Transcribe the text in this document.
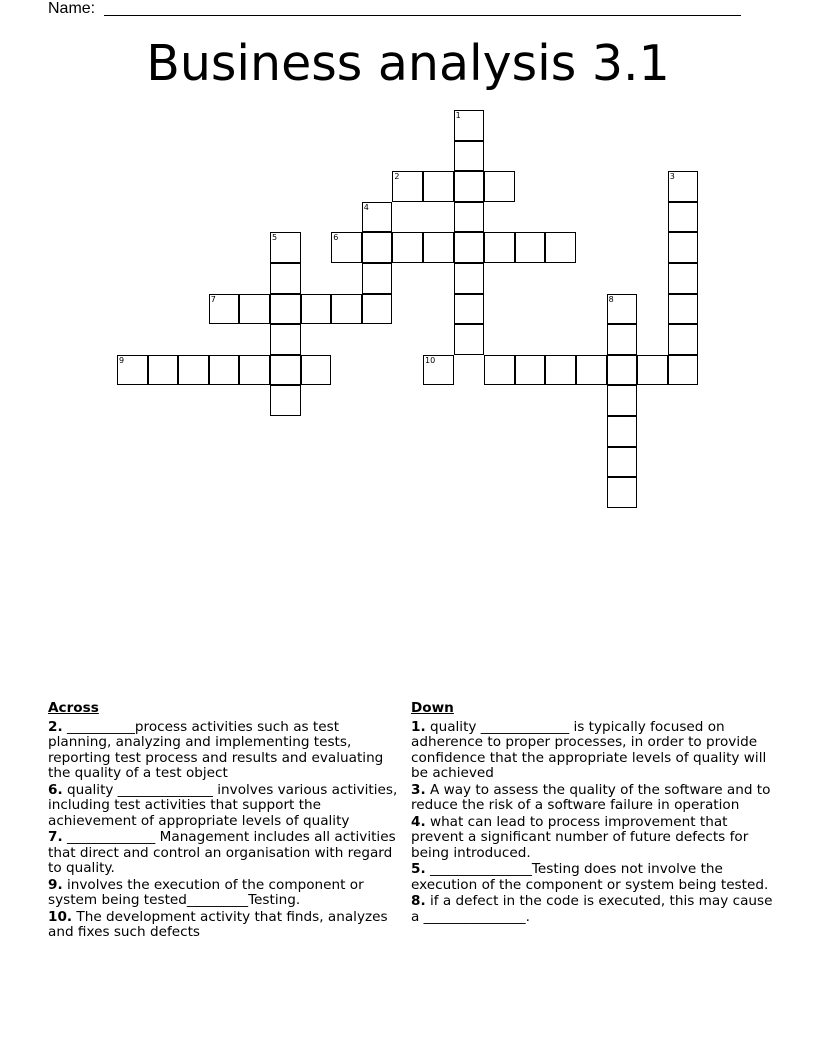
Name:
Business analysis 3.1
1
2	3
4
5	6
7	8
9	10
Across
2. __________process activities such as test planning, analyzing and implementing tests, reporting test process and results and evaluating the quality of a test object
6. quality ______________ involves various activities, including test activities that support the achievement of appropriate levels of quality
7. _____________ Management includes all activities that direct and control an organisation with regard to quality.
9. involves the execution of the component or system being tested_________Testing.
10. The development activity that finds, analyzes and fixes such defects
Down
1. quality _____________ is typically focused on adherence to proper processes, in order to provide confidence that the appropriate levels of quality will be achieved
3. A way to assess the quality of the software and to reduce the risk of a software failure in operation
4. what can lead to process improvement that prevent a significant number of future defects for being introduced.
5. _______________Testing does not involve the execution of the component or system being tested.
8. if a defect in the code is executed, this may cause a _______________.
